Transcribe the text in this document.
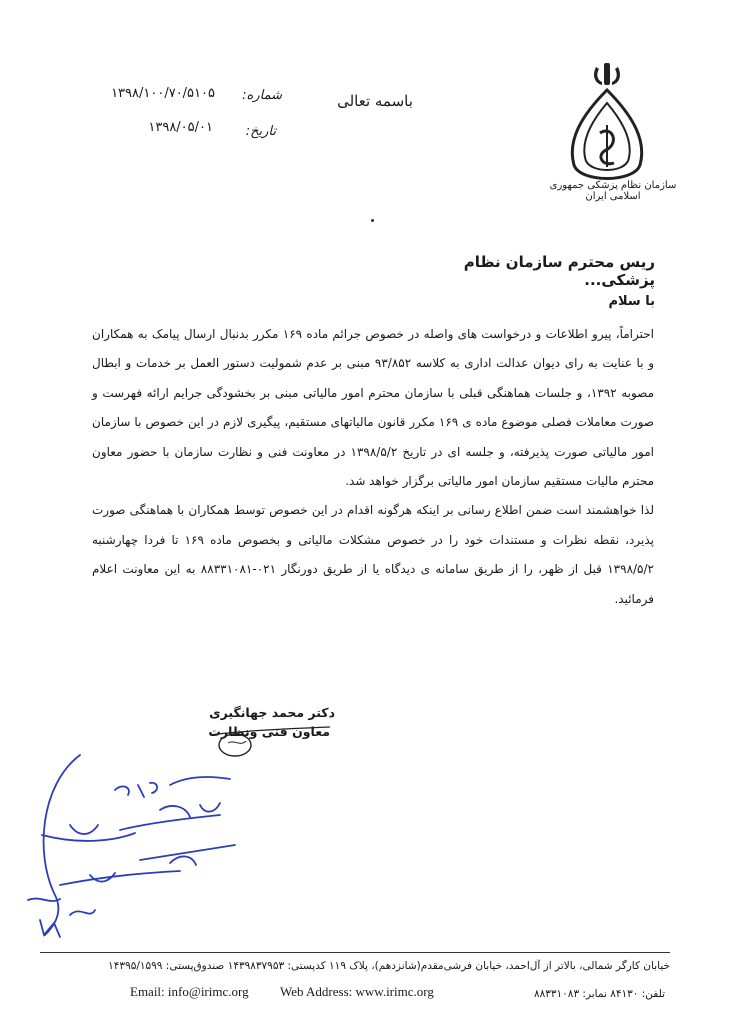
سازمان نظام پزشکی جمهوری اسلامی ایران
باسمه تعالی
شماره:
۱۳۹۸/۱۰۰/۷۰/۵۱۰۵
تاریخ:
۱۳۹۸/۰۵/۰۱
ریس محترم سازمان نظام پزشکی...
با سلام

احتراماً، پیرو اطلاعات و درخواست های واصله در خصوص جرائم ماده ۱۶۹ مکرر بدنبال ارسال پیامک به همکاران و با عنایت به رای دیوان عدالت اداری به کلاسه ۹۳/۸۵۲ مبنی بر عدم شمولیت دستور العمل بر خدمات و ابطال مصوبه ۱۳۹۲، و جلسات هماهنگی قبلی با سازمان محترم امور مالیاتی مبنی بر بخشودگی جرایم ارائه فهرست و صورت معاملات فصلی موضوع ماده ی ۱۶۹ مکرر قانون مالیاتهای مستقیم، پیگیری لازم در این خصوص با سازمان امور مالیاتی صورت پذیرفته، و جلسه ای در تاریخ ۱۳۹۸/۵/۲ در معاونت فنی و نظارت سازمان با حضور معاون محترم مالیات مستقیم سازمان امور مالیاتی برگزار خواهد شد.

لذا خواهشمند است ضمن اطلاع رسانی بر اینکه هرگونه اقدام در این خصوص توسط همکاران با هماهنگی صورت پذیرد، نقطه نظرات و مستندات خود را در خصوص مشکلات مالیاتی و بخصوص ماده ۱۶۹ تا فردا چهارشنبه ۱۳۹۸/۵/۲ قبل از ظهر، را از طریق سامانه ی دیدگاه یا از طریق دورنگار ۰۲۱-۸۸۳۳۱۰۸۱ به این معاونت اعلام فرمائید.

دکتر محمد جهانگیری
معاون فنی ونظارت
خیابان کارگر شمالی، بالاتر از آل‌احمد، خیابان فرشی‌مقدم(شانزدهم)، پلاک ۱۱۹ کدپستی: ۱۴۳۹۸۳۷۹۵۳ صندوق‌پستی: ۱۴۳۹۵/۱۵۹۹
تلفن: ۸۴۱۳۰ نمابر: ۸۸۳۳۱۰۸۳
Web Address: www.irimc.org
Email: info@irimc.org
